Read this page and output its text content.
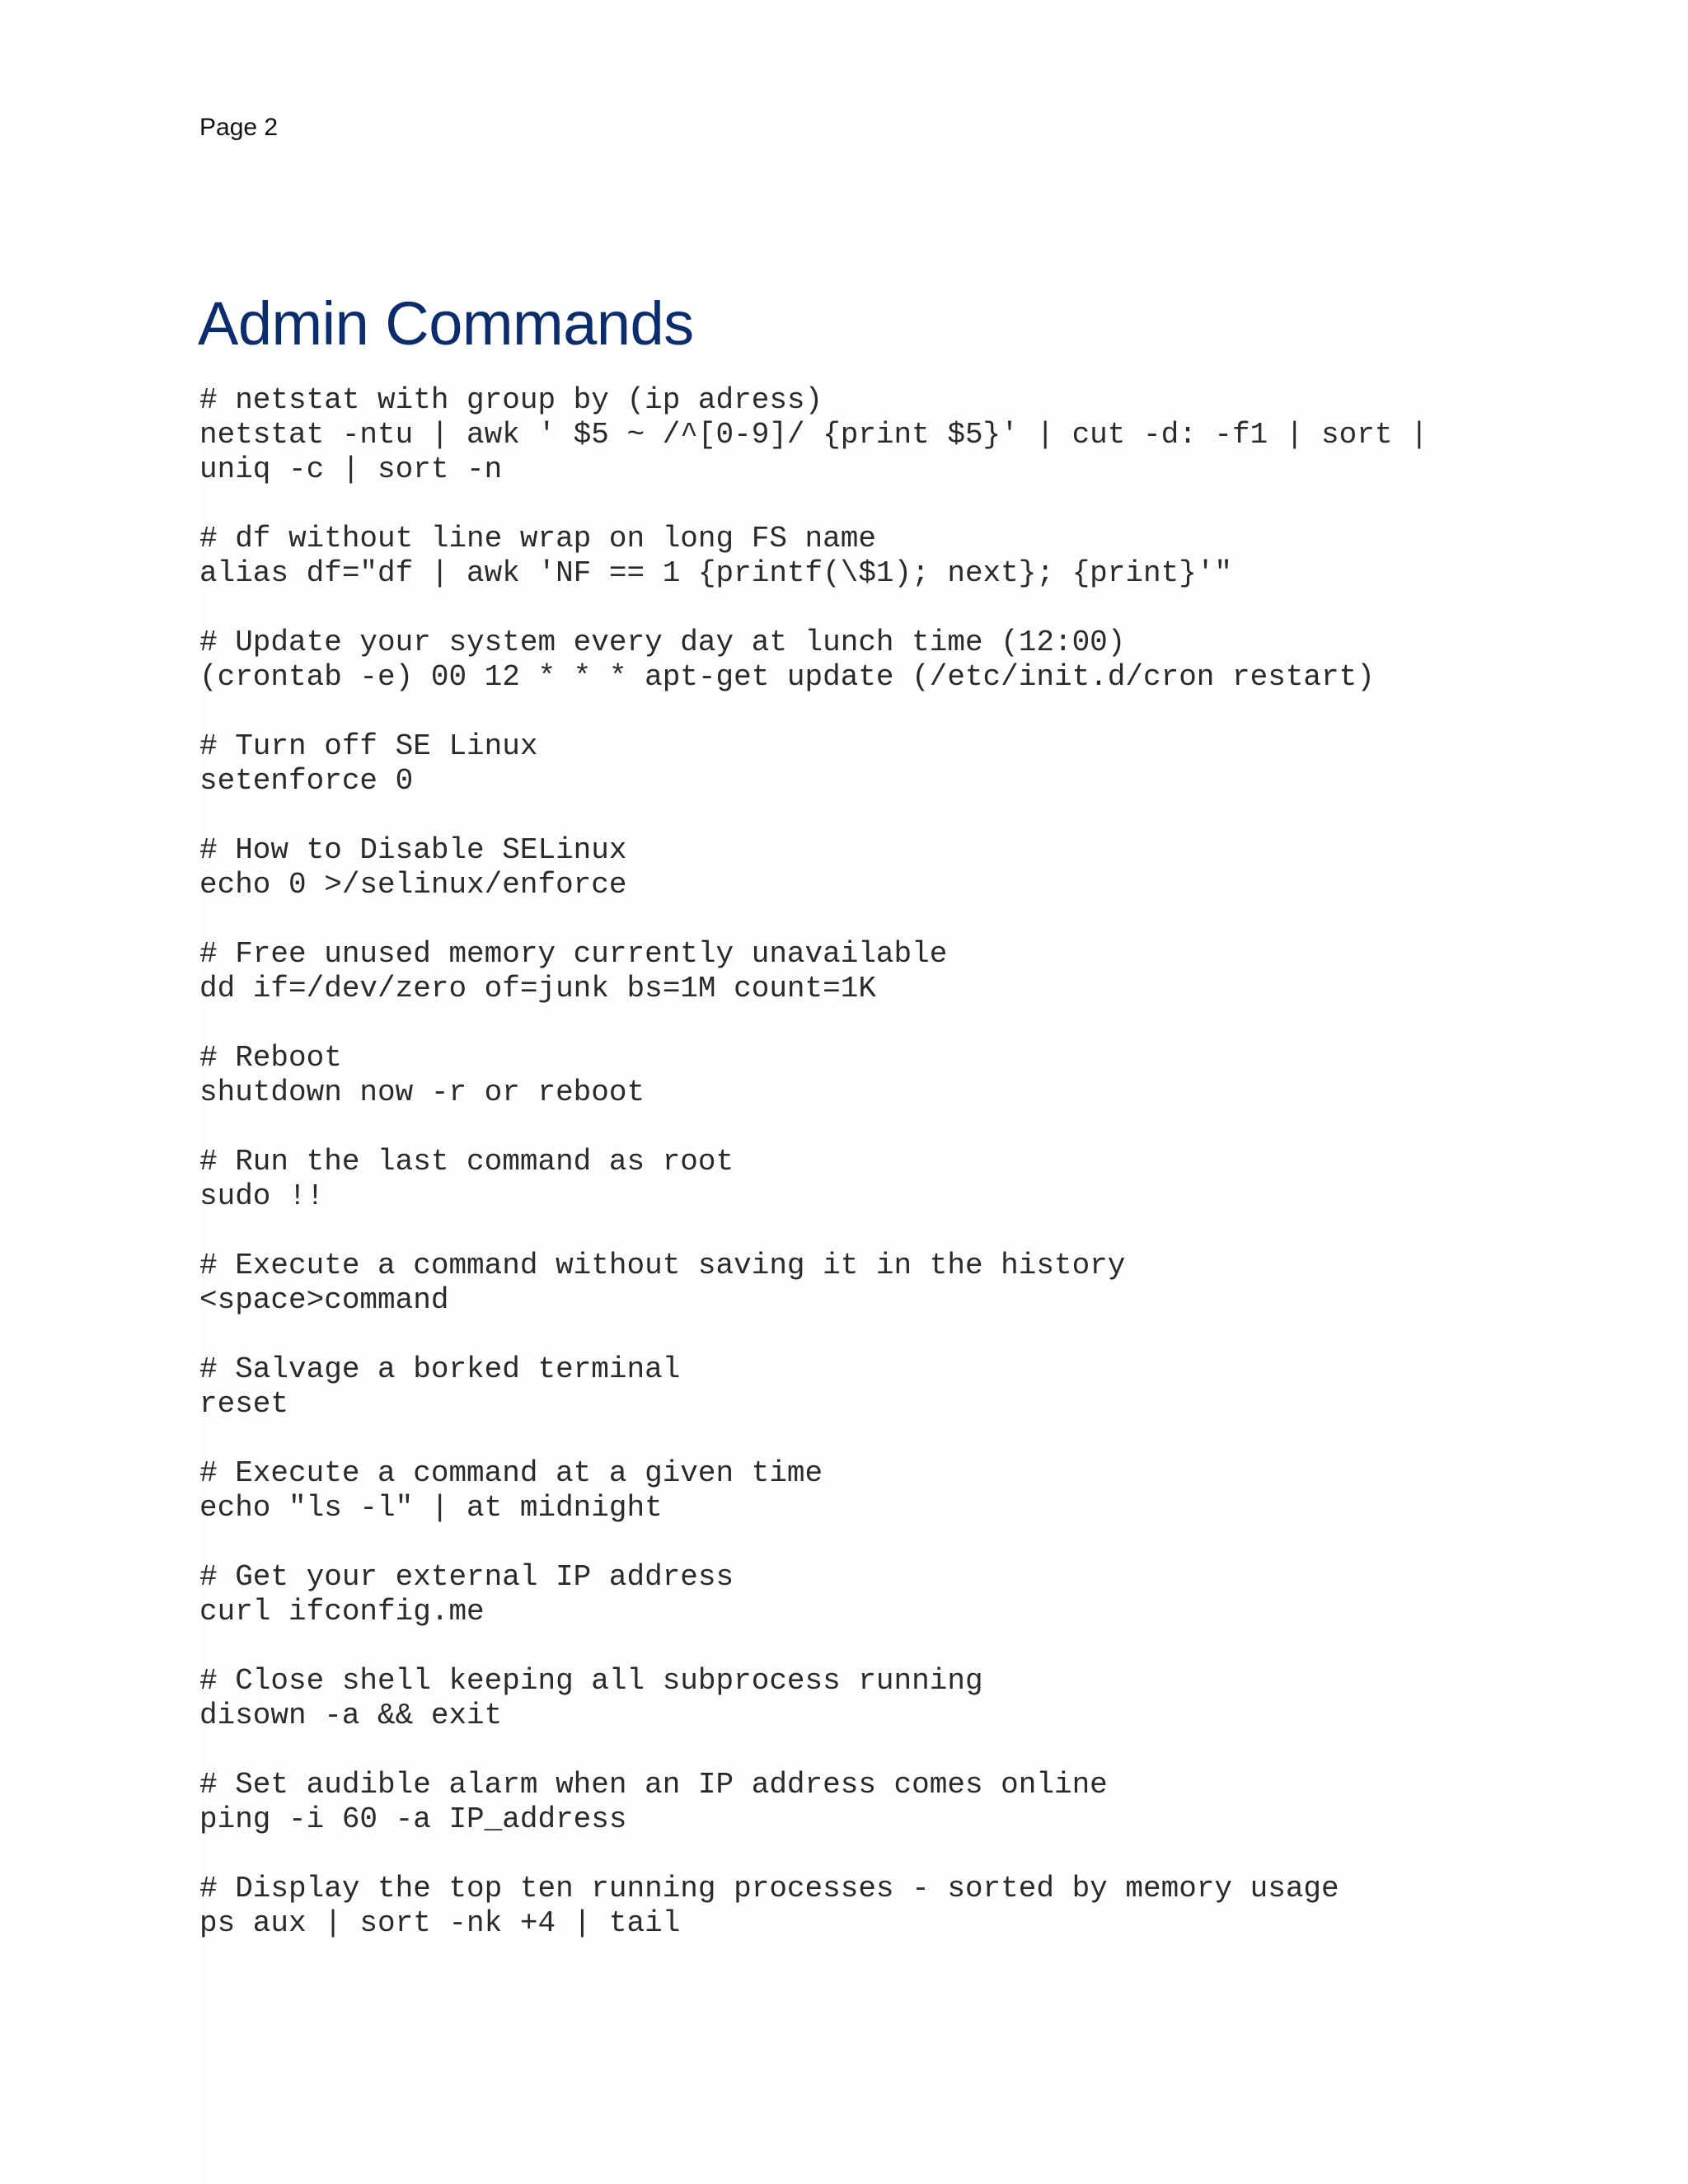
Page 2
Admin Commands
# netstat with group by (ip adress)
netstat -ntu | awk ' $5 ~ /^[0-9]/ {print $5}' | cut -d: -f1 | sort |
uniq -c | sort -n
# df without line wrap on long FS name
alias df="df | awk 'NF == 1 {printf(\$1); next}; {print}'"
# Update your system every day at lunch time (12:00)
(crontab -e) 00 12 * * * apt-get update (/etc/init.d/cron restart)
# Turn off SE Linux
setenforce 0
# How to Disable SELinux
echo 0 >/selinux/enforce
# Free unused memory currently unavailable
dd if=/dev/zero of=junk bs=1M count=1K
# Reboot
shutdown now -r or reboot
# Run the last command as root
sudo !!
# Execute a command without saving it in the history
<space>command
# Salvage a borked terminal
reset
# Execute a command at a given time
echo "ls -l" | at midnight
# Get your external IP address
curl ifconfig.me
# Close shell keeping all subprocess running
disown -a && exit
# Set audible alarm when an IP address comes online
ping -i 60 -a IP_address
# Display the top ten running processes - sorted by memory usage
ps aux | sort -nk +4 | tail
